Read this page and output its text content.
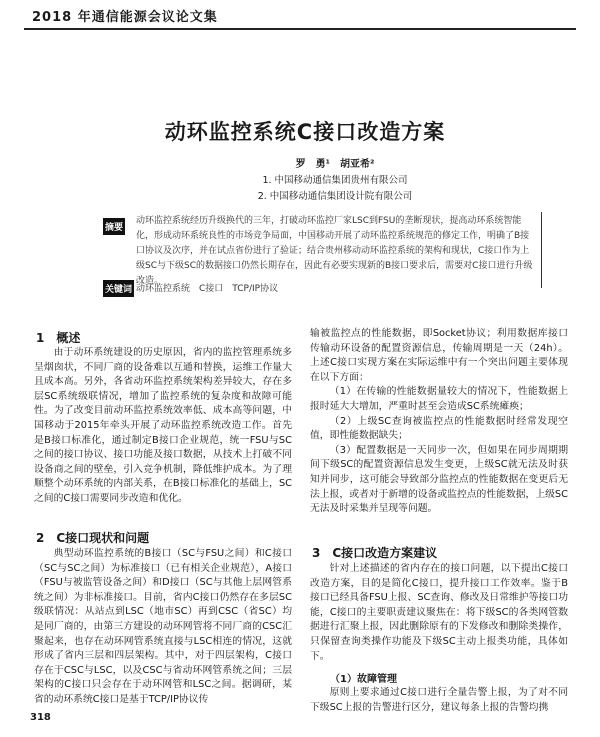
2018 年通信能源会议论文集
动环监控系统C接口改造方案
罗　勇¹　胡亚希²
1. 中国移动通信集团贵州有限公司
2. 中国移动通信集团设计院有限公司
摘要
动环监控系统经历升级换代的三年，打破动环监控厂家LSC到FSU的垄断现状，提高动环系统智能化，形成动环系统良性的市场竞争局面，中国移动开展了动环监控系统规范的修定工作，明确了B接口协议及次序，并在试点省份进行了验证；结合贵州移动动环监控系统的架构和现状，C接口作为上级SC与下级SC的数据接口仍然长期存在，因此有必要实现新的B接口要求后，需要对C接口进行升级改造。
关键词 动环监控系统　C接口　TCP/IP协议
1　概述

由于动环系统建设的历史原因，省内的监控管理系统多呈烟囱状，不同厂商的设备难以互通和替换，运维工作量大且成本高。另外，各省动环监控系统架构差异较大，存在多层SC系统级联情况，增加了监控系统的复杂度和故障可能性。为了改变目前动环监控系统效率低、成本高等问题，中国移动于2015年牵头开展了动环监控系统改造工作。首先是B接口标准化，通过制定B接口企业规范，统一FSU与SC之间的接口协议、接口功能及接口数据，从技术上打破不同设备商之间的壁垒，引入竞争机制，降低维护成本。为了理顺整个动环系统的内部关系，在B接口标准化的基础上，SC之间的C接口需要同步改造和优化。

2　C接口现状和问题

典型动环监控系统的B接口（SC与FSU之间）和C接口（SC与SC之间）为标准接口（已有相关企业规范），A接口（FSU与被监管设备之间）和D接口（SC与其他上层网管系统之间）为非标准接口。目前，省内C接口仍然存在多层SC级联情况：从站点到LSC（地市SC）再到CSC（省SC）均是同厂商的，由第三方建设的动环网管将不同厂商的CSC汇聚起来，也存在动环网管系统直接与LSC相连的情况，这就形成了省内三层和四层架构。其中，对于四层架构，C接口存在于CSC与LSC，以及CSC与省动环网管系统之间；三层架构的C接口只会存在于动环网管和LSC之间。据调研，某省的动环系统C接口是基于TCP/IP协议传

输被监控点的性能数据，即Socket协议；利用数据库接口传输动环设备的配置资源信息，传输周期是一天（24h）。上述C接口实现方案在实际运维中有一个突出问题主要体现在以下方面：

（1）在传输的性能数据量较大的情况下，性能数据上报时延大大增加，严重时甚至会造成SC系统瘫痪；

（2）上级SC查询被监控点的性能数据时经常发现空值，即性能数据缺失；

（3）配置数据是一天同步一次，但如果在同步周期期间下级SC的配置资源信息发生变更，上级SC就无法及时获知并同步，这可能会导致部分监控点的性能数据在变更后无法上报，或者对于新增的设备或监控点的性能数据，上级SC无法及时采集并呈现等问题。

3　C接口改造方案建议

针对上述描述的省内存在的接口问题，以下提出C接口改造方案，目的是简化C接口，提升接口工作效率。鉴于B接口已经具备FSU上报、SC查询、修改及日常维护等接口功能，C接口的主要职责建议聚焦在：将下级SC的各类网管数据进行汇聚上报，因此删除原有的下发修改和删除类操作，只保留查询类操作功能及下级SC主动上报类功能，具体如下。

（1）故障管理

原则上要求通过C接口进行全量告警上报，为了对不同下级SC上报的告警进行区分，建议每条上报的告警均携

318
